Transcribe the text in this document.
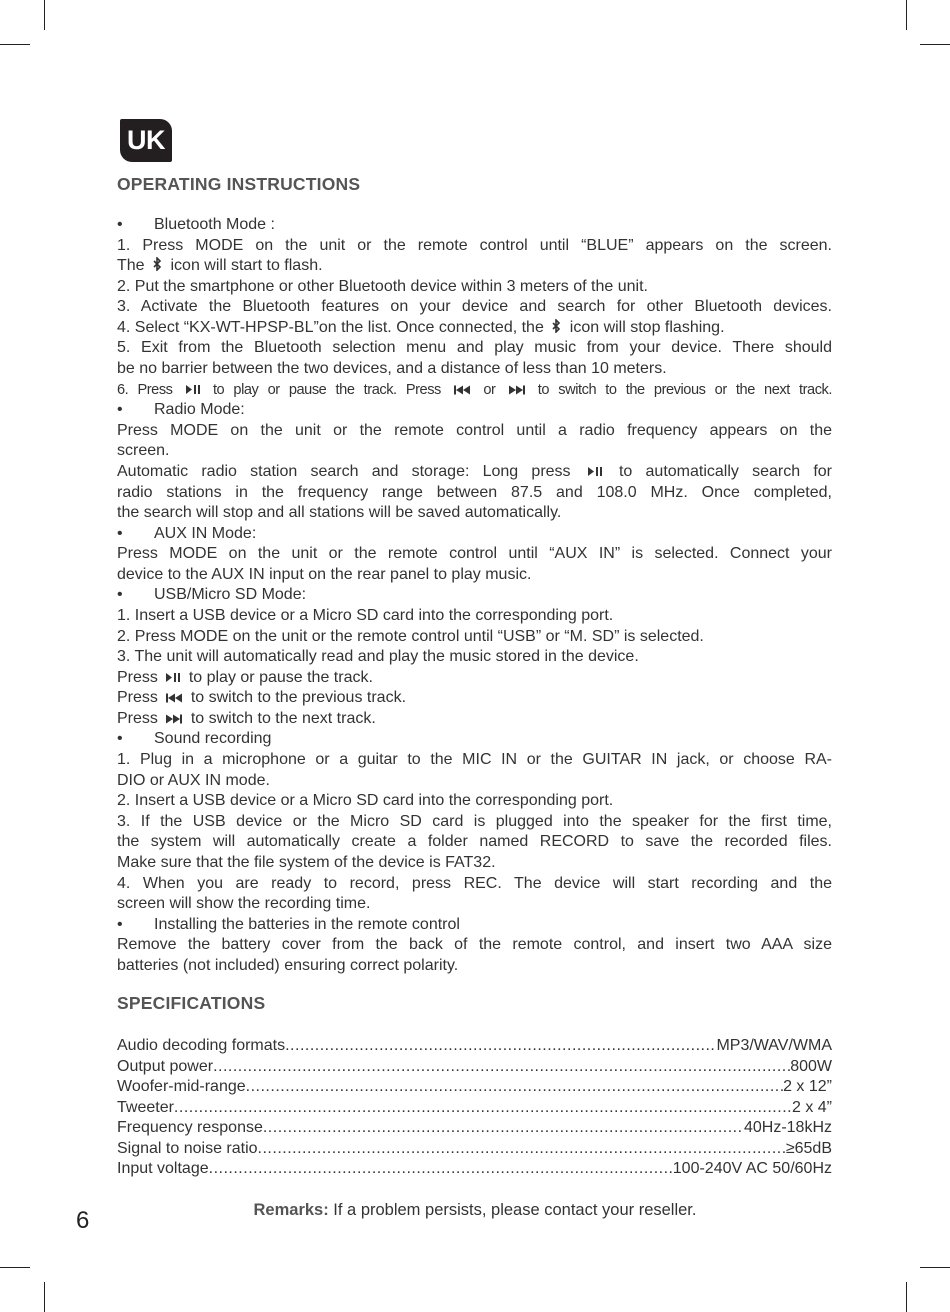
UK
OPERATING INSTRUCTIONS
• Bluetooth Mode :
1. Press MODE on the unit or the remote control until “BLUE” appears on the screen.
The icon will start to flash.
2. Put the smartphone or other Bluetooth device within 3 meters of the unit.
3. Activate the Bluetooth features on your device and search for other Bluetooth devices.
4. Select “KX-WT-HPSP-BL”on the list. Once connected, the icon will stop flashing.
5. Exit from the Bluetooth selection menu and play music from your device. There should
be no barrier between the two devices, and a distance of less than 10 meters.
6. Press	to play or pause the track. Press	or	to switch to the previous or the next track.
• Radio Mode:
Press MODE on the unit or the remote control until a radio frequency appears on the
screen.
Automatic radio station search and storage: Long press	to automatically search for
radio stations in the frequency range between 87.5 and 108.0 MHz. Once completed,
the search will stop and all stations will be saved automatically.
• AUX IN Mode:
Press MODE on the unit or the remote control until “AUX IN” is selected. Connect your
device to the AUX IN input on the rear panel to play music.
• USB/Micro SD Mode:
1. Insert a USB device or a Micro SD card into the corresponding port.
2. Press MODE on the unit or the remote control until “USB” or “M. SD” is selected.
3. The unit will automatically read and play the music stored in the device.
Press to play or pause the track.
Press to switch to the previous track.
Press to switch to the next track.
• Sound recording
1. Plug in a microphone or a guitar to the MIC IN or the GUITAR IN jack, or choose RA-
DIO or AUX IN mode.
2. Insert a USB device or a Micro SD card into the corresponding port.
3. If the USB device or the Micro SD card is plugged into the speaker for the first time,
the system will automatically create a folder named RECORD to save the recorded files.
Make sure that the file system of the device is FAT32.
4. When you are ready to record, press REC. The device will start recording and the
screen will show the recording time.
• Installing the batteries in the remote control
Remove the battery cover from the back of the remote control, and insert two AAA size
batteries (not included) ensuring correct polarity.
SPECIFICATIONS
Audio decoding formats .....	MP3/WAV/WMA
Output power .....	800W
Woofer-mid-range .....	2 x 12”
Tweeter .....	2 x 4”
Frequency response .....	40Hz-18kHz
Signal to noise ratio .....	≥65dB
Input voltage .....	100-240V AC 50/60Hz
Remarks: If a problem persists, please contact your reseller.
6
